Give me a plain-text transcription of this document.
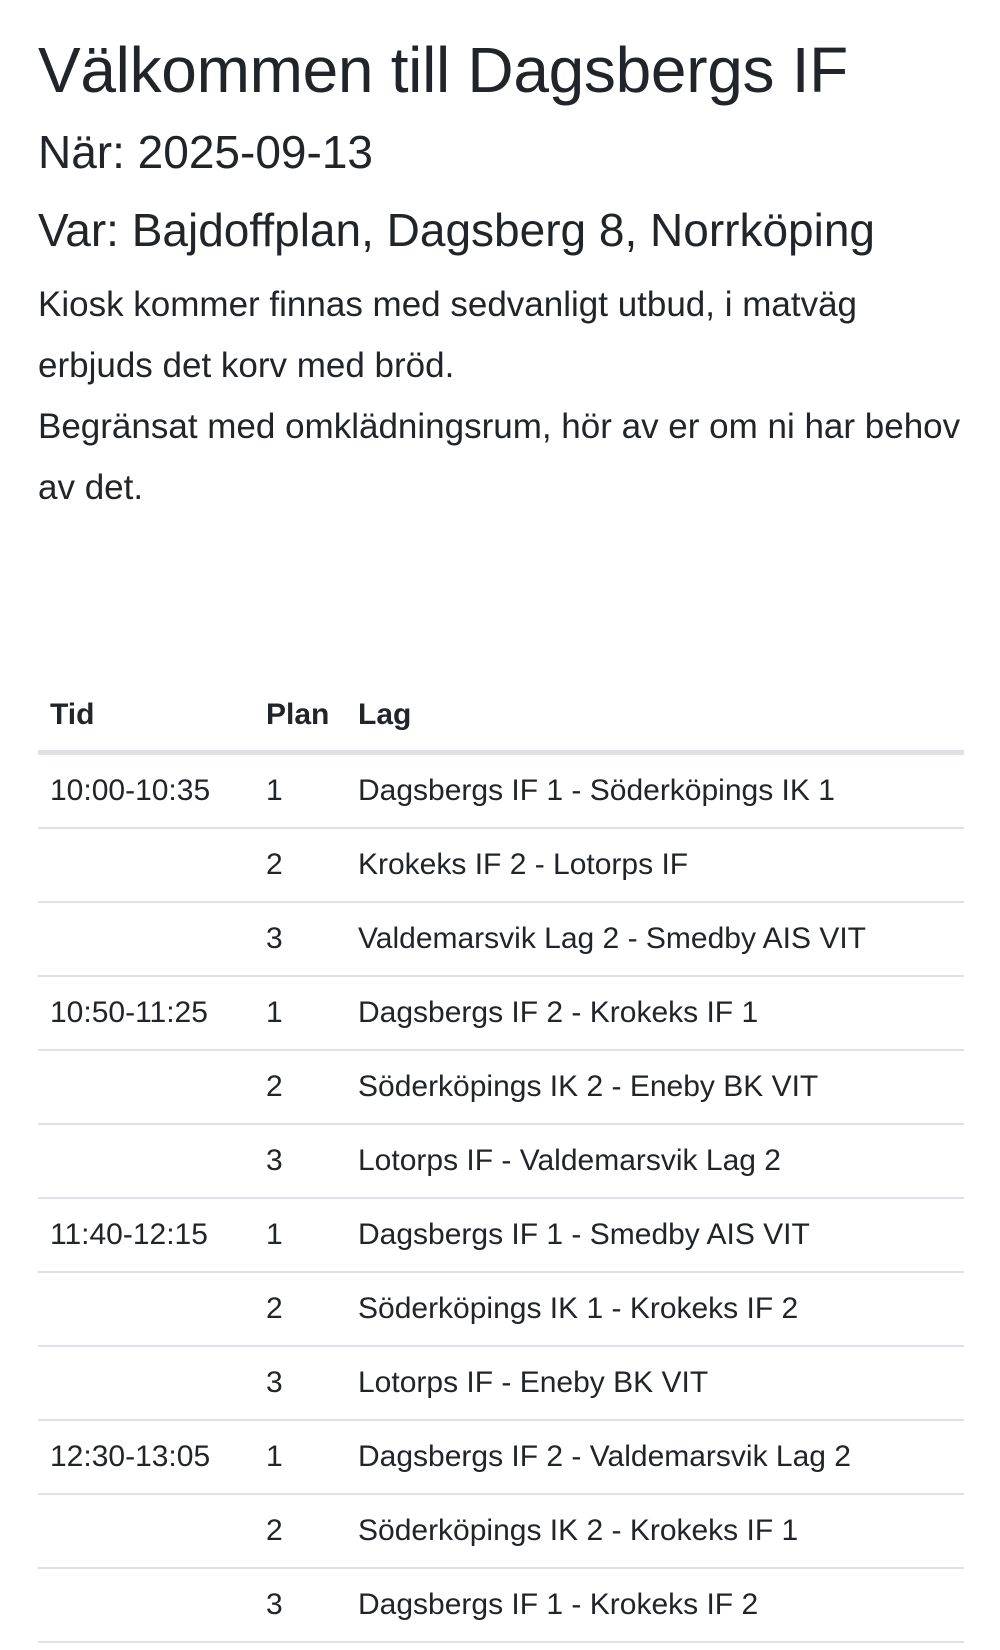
Välkommen till Dagsbergs IF
När: 2025-09-13
Var: Bajdoffplan, Dagsberg 8, Norrköping

Kiosk kommer finnas med sedvanligt utbud, i matväg erbjuds det korv med bröd.

Begränsat med omklädningsrum, hör av er om ni har behov av det.

Tid	Plan	Lag
10:00-10:35	1	Dagsbergs IF 1 - Söderköpings IK 1
	2	Krokeks IF 2 - Lotorps IF
	3	Valdemarsvik Lag 2 - Smedby AIS VIT
10:50-11:25	1	Dagsbergs IF 2 - Krokeks IF 1
	2	Söderköpings IK 2 - Eneby BK VIT
	3	Lotorps IF - Valdemarsvik Lag 2
11:40-12:15	1	Dagsbergs IF 1 - Smedby AIS VIT
	2	Söderköpings IK 1 - Krokeks IF 2
	3	Lotorps IF - Eneby BK VIT
12:30-13:05	1	Dagsbergs IF 2 - Valdemarsvik Lag 2
	2	Söderköpings IK 2 - Krokeks IF 1
	3	Dagsbergs IF 1 - Krokeks IF 2
